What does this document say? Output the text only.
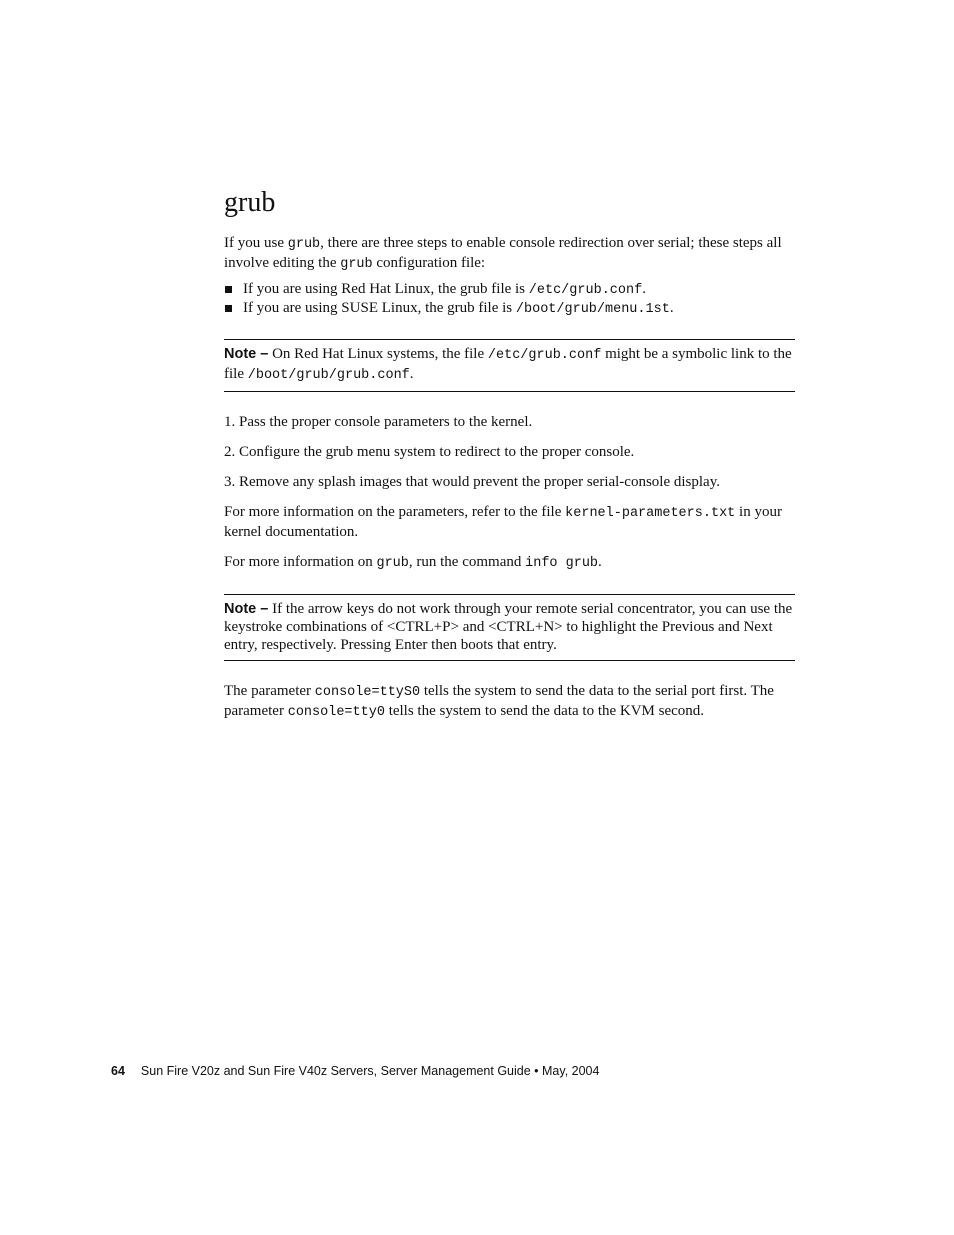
grub

If you use grub, there are three steps to enable console redirection over serial; these steps all involve editing the grub configuration file:

If you are using Red Hat Linux, the grub file is /etc/grub.conf.
If you are using SUSE Linux, the grub file is /boot/grub/menu.1st.
Note – On Red Hat Linux systems, the file /etc/grub.conf might be a symbolic link to the file /boot/grub/grub.conf.
1. Pass the proper console parameters to the kernel.
2. Configure the grub menu system to redirect to the proper console.
3. Remove any splash images that would prevent the proper serial-console display.

For more information on the parameters, refer to the file kernel-parameters.txt in your kernel documentation.

For more information on grub, run the command info grub.

Note – If the arrow keys do not work through your remote serial concentrator, you can use the keystroke combinations of <CTRL+P> and <CTRL+N> to highlight the Previous and Next entry, respectively. Pressing Enter then boots that entry.

The parameter console=ttyS0 tells the system to send the data to the serial port first. The parameter console=tty0 tells the system to send the data to the KVM second.

64 Sun Fire V20z and Sun Fire V40z Servers, Server Management Guide • May, 2004
